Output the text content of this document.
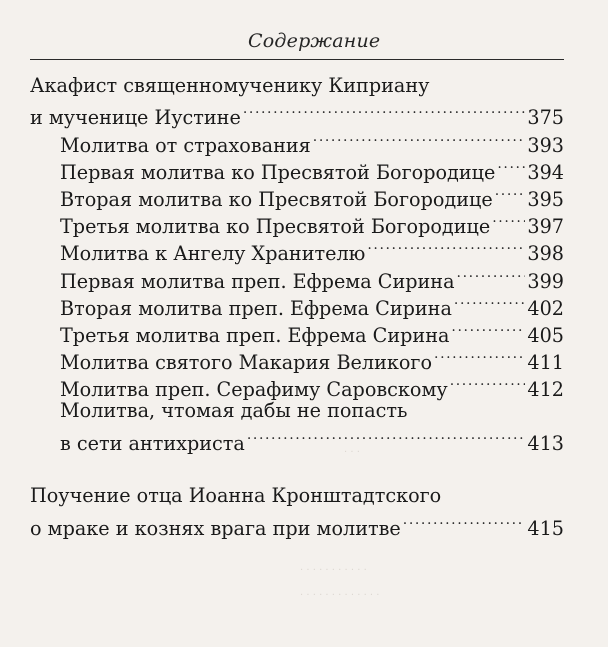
Содержание
· · ·
· · · · · · · · · · ·
· · · · · · · · · · · · ·
Акафист священномученику Киприану
и мученице Иустине .....	375
Молитва от страхования .....	393
Первая молитва ко Пресвятой Богородице ..... 394
Вторая молитва ко Пресвятой Богородице ..... 395
Третья молитва ко Пресвятой Богородице ..... 397
Молитва к Ангелу Хранителю .....	398
Первая молитва преп. Ефрема Сирина .....	399
Вторая молитва преп. Ефрема Сирина .....	402
Третья молитва преп. Ефрема Сирина .....	405
Молитва святого Макария Великого .....	411
Молитва преп. Серафиму Саровскому .....	412
Молитва, чтомая дабы не попасть
в сети антихриста .....	413
Поучение отца Иоанна Кронштадтского
о мраке и кознях врага при молитве .....	415
